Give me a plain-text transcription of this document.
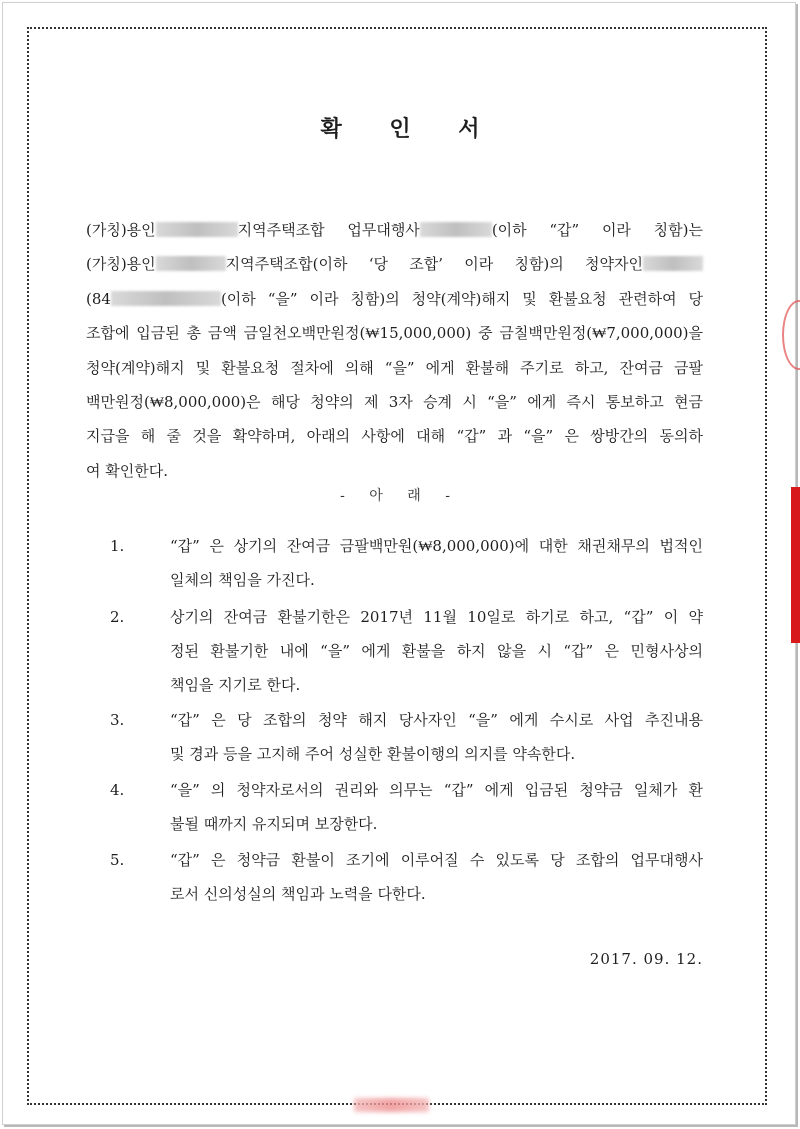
확 인 서
(가칭)용인	지역주택조합 업무대행사	(이하 “갑” 이라 칭함)는
(가칭)용인	지역주택조합(이하 ‘당 조합’ 이라 칭함)의 청약자인
(84	(이하 “을” 이라 칭함)의 청약(계약)해지 및 환불요청 관련하여 당
조합에 입금된 총 금액 금일천오백만원정(₩15,000,000) 중 금칠백만원정(₩7,000,000)을
청약(계약)해지 및 환불요청 절차에 의해 “을” 에게 환불해 주기로 하고, 잔여금 금팔
백만원정(₩8,000,000)은 해당 청약의 제 3자 승계 시 “을” 에게 즉시 통보하고 현금
지급을 해 줄 것을 확약하며, 아래의 사항에 대해 “갑” 과 “을” 은 쌍방간의 동의하
여 확인한다.
- 아 래 -
1.	“갑” 은 상기의 잔여금 금팔백만원(₩8,000,000)에 대한 채권채무의 법적인
일체의 책임을 가진다.
2.	상기의 잔여금 환불기한은 2017년 11월 10일로 하기로 하고, “갑” 이 약
정된 환불기한 내에 “을” 에게 환불을 하지 않을 시 “갑” 은 민형사상의
책임을 지기로 한다.
3.	“갑” 은 당 조합의 청약 해지 당사자인 “을” 에게 수시로 사업 추진내용
및 경과 등을 고지해 주어 성실한 환불이행의 의지를 약속한다.
4.	“을” 의 청약자로서의 권리와 의무는 “갑” 에게 입금된 청약금 일체가 환
불될 때까지 유지되며 보장한다.
5.	“갑” 은 청약금 환불이 조기에 이루어질 수 있도록 당 조합의 업무대행사
로서 신의성실의 책임과 노력을 다한다.
2017. 09. 12.
